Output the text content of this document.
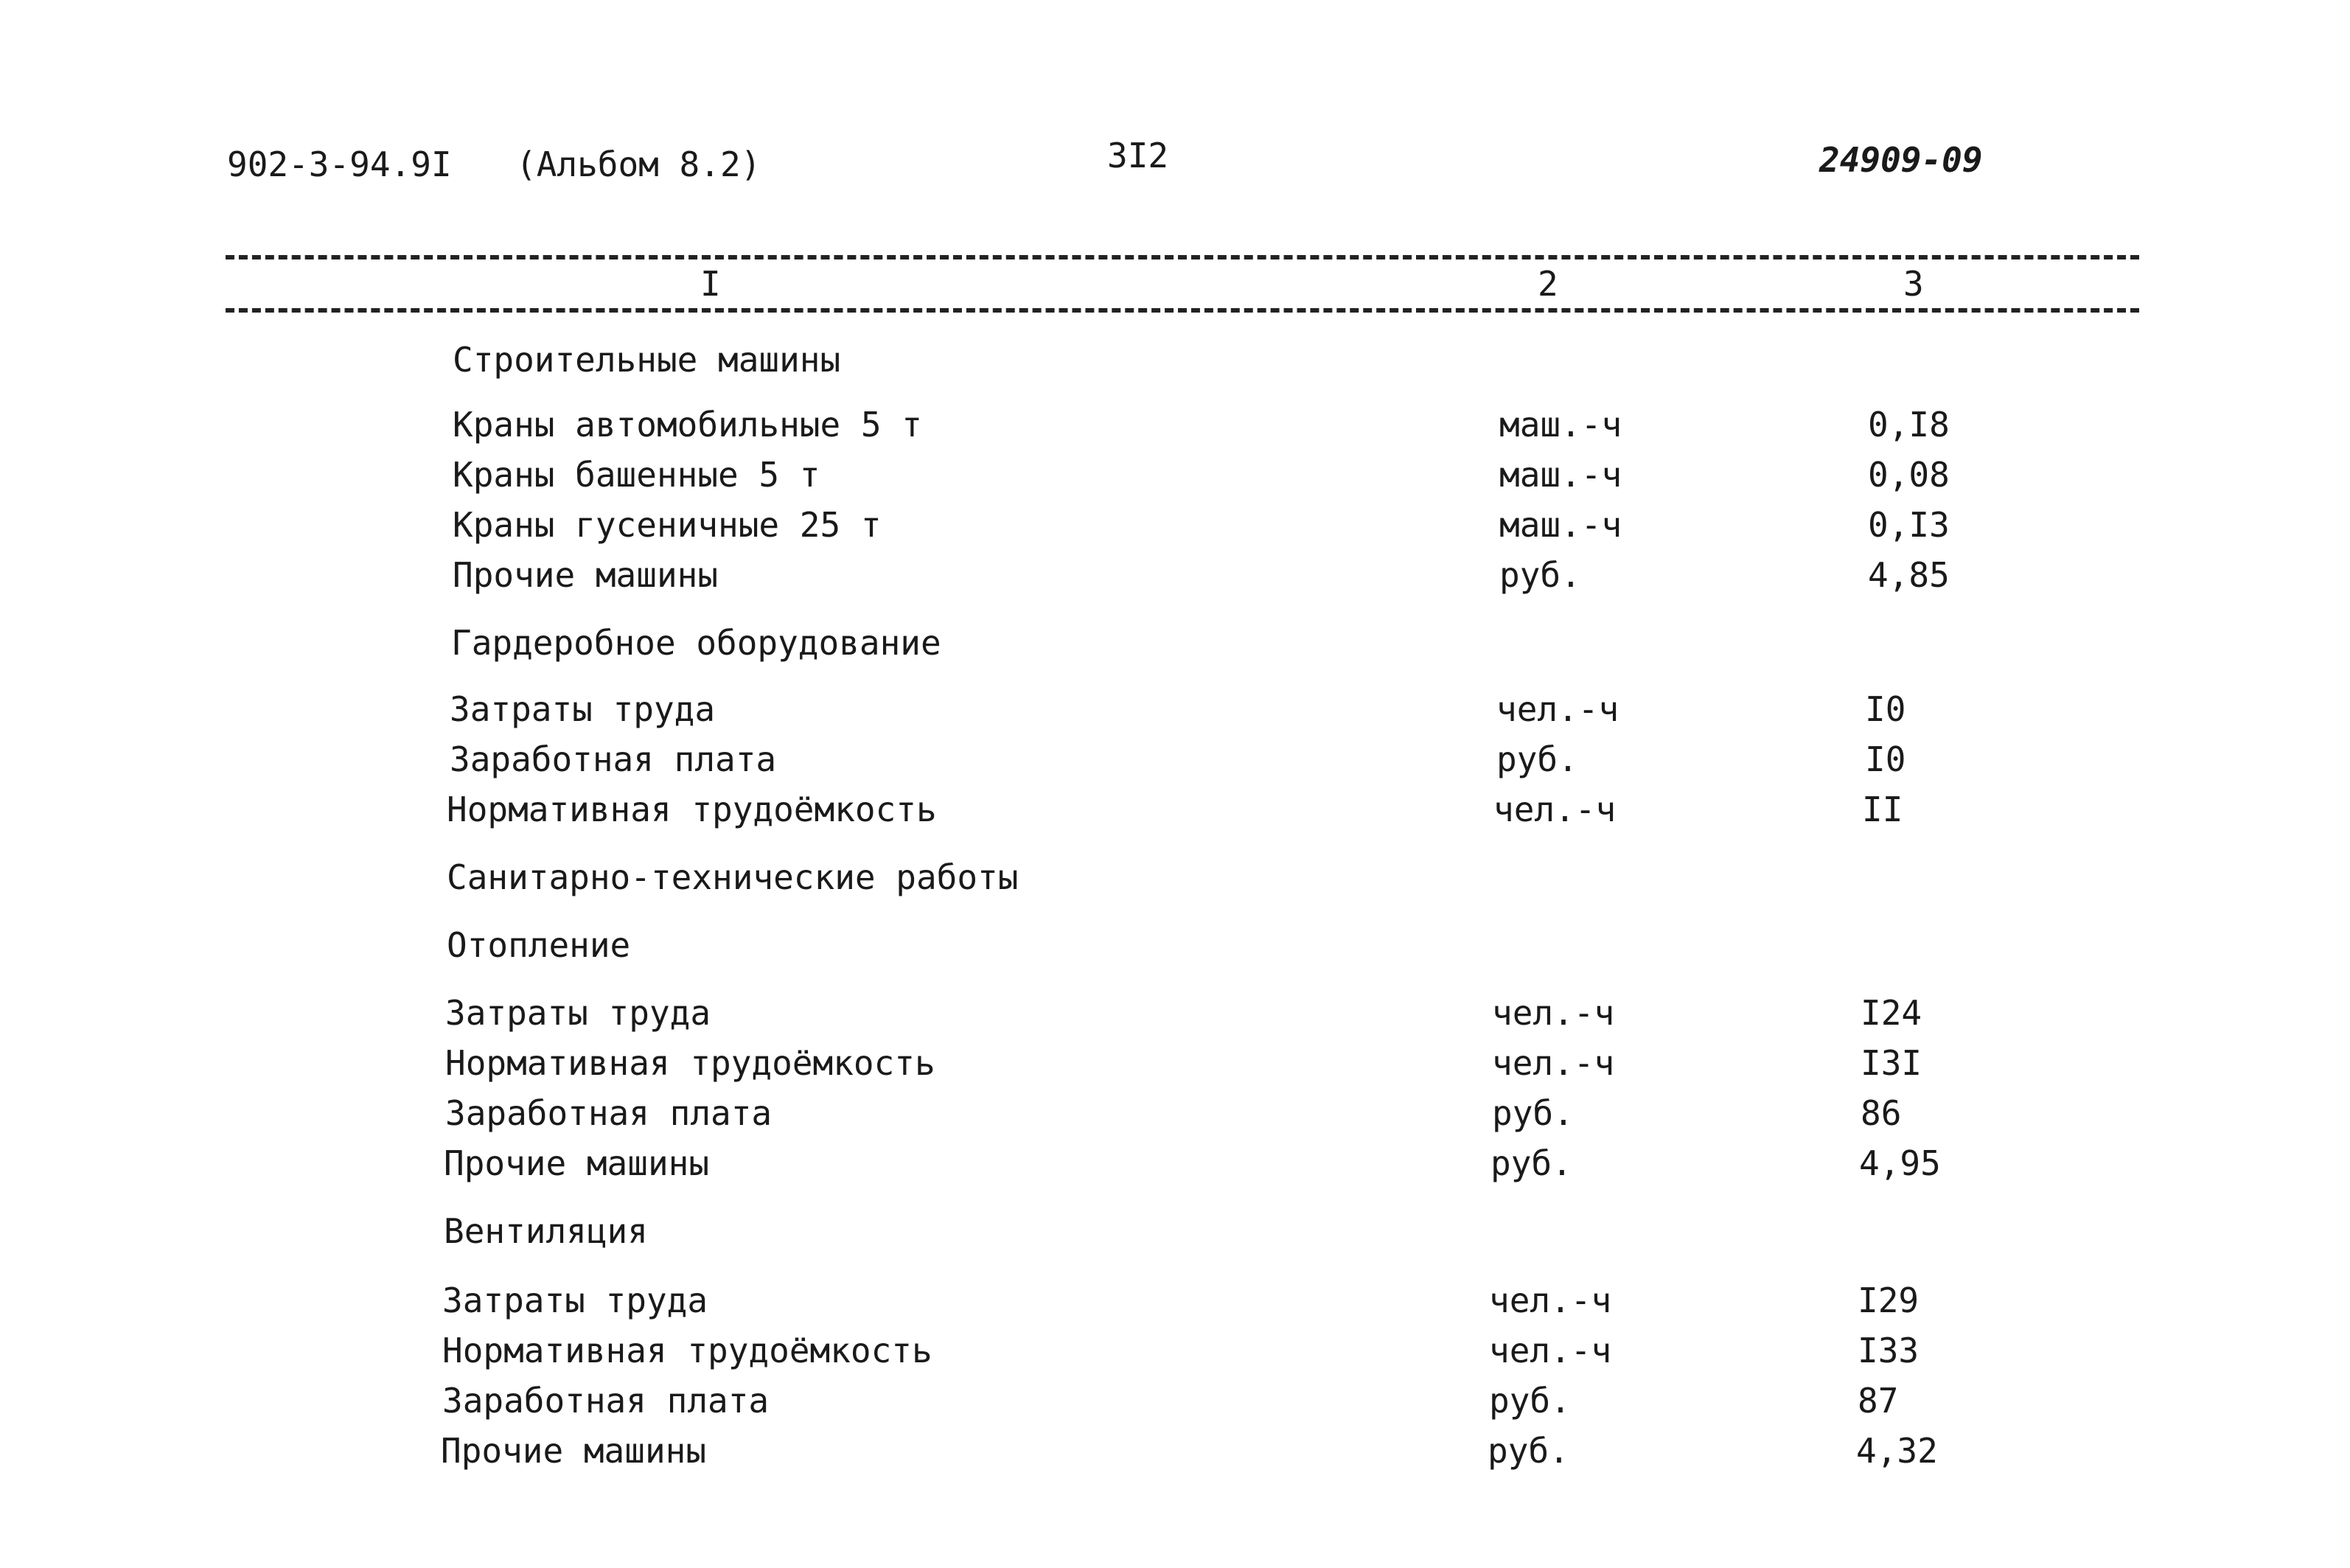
902-3-94.9I (Альбом 8.2)	3I2	24909-09
I	2	3
Строительные машины
Краны автомобильные 5 т	маш.-ч	0,I8
Краны башенные 5 т	маш.-ч	0,08
Краны гусеничные 25 т	маш.-ч	0,I3
Прочие машины	руб.	4,85
Гардеробное оборудование
Затраты труда	чел.-ч	I0
Заработная плата	руб.	I0
Нормативная трудоёмкость	чел.-ч	II
Санитарно-технические работы
Отопление
Затраты труда	чел.-ч	I24
Нормативная трудоёмкость	чел.-ч	I3I
Заработная плата	руб.	86
Прочие машины	руб.	4,95
Вентиляция
Затраты труда	чел.-ч	I29
Нормативная трудоёмкость	чел.-ч	I33
Заработная плата	руб.	87
Прочие машины	руб.	4,32
